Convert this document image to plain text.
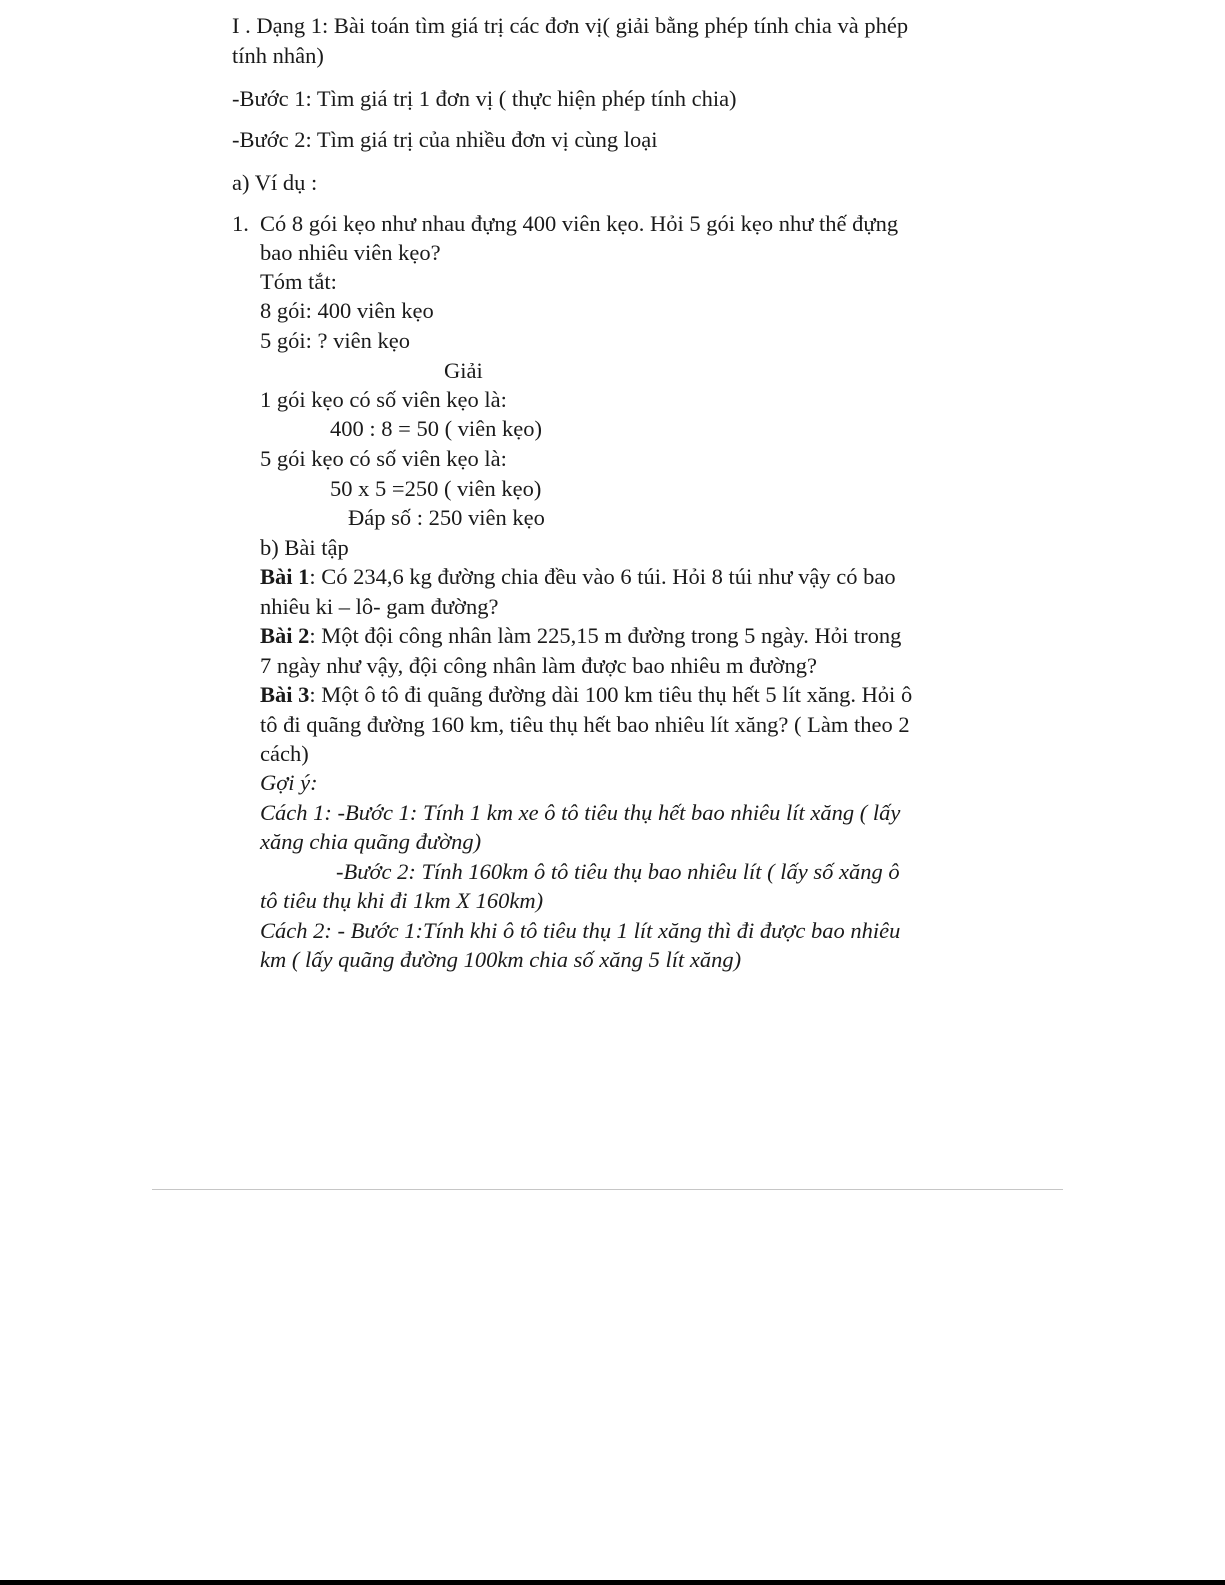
I . Dạng 1: Bài toán tìm giá trị các đơn vị( giải bằng phép tính chia và phép
tính nhân)
-Bước 1: Tìm giá trị 1 đơn vị ( thực hiện phép tính chia)
-Bước 2: Tìm giá trị của nhiều đơn vị cùng loại
a) Ví dụ :
1. Có 8 gói kẹo như nhau đựng 400 viên kẹo. Hỏi 5 gói kẹo như thế đựng
bao nhiêu viên kẹo?
Tóm tắt:
8 gói: 400 viên kẹo
5 gói: ? viên kẹo
Giải
1 gói kẹo có số viên kẹo là:
400 : 8 = 50 ( viên kẹo)
5 gói kẹo có số viên kẹo là:
50 x 5 =250 ( viên kẹo)
Đáp số : 250 viên kẹo
b) Bài tập
Bài 1: Có 234,6 kg đường chia đều vào 6 túi. Hỏi 8 túi như vậy có bao
nhiêu ki – lô- gam đường?
Bài 2: Một đội công nhân làm 225,15 m đường trong 5 ngày. Hỏi trong
7 ngày như vậy, đội công nhân làm được bao nhiêu m đường?
Bài 3: Một ô tô đi quãng đường dài 100 km tiêu thụ hết 5 lít xăng. Hỏi ô
tô đi quãng đường 160 km, tiêu thụ hết bao nhiêu lít xăng? ( Làm theo 2
cách)
Gợi ý:
Cách 1: -Bước 1: Tính 1 km xe ô tô tiêu thụ hết bao nhiêu lít xăng ( lấy
xăng chia quãng đường)
-Bước 2: Tính 160km ô tô tiêu thụ bao nhiêu lít ( lấy số xăng ô
tô tiêu thụ khi đi 1km X 160km)
Cách 2: - Bước 1:Tính khi ô tô tiêu thụ 1 lít xăng thì đi được bao nhiêu
km ( lấy quãng đường 100km chia số xăng 5 lít xăng)
